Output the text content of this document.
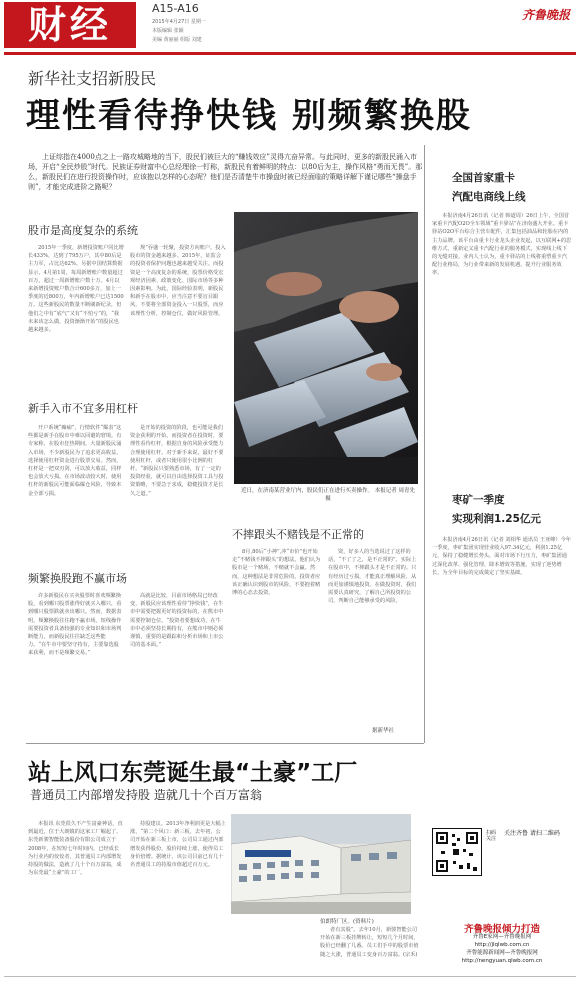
财经	A15-A16
2015年4月27日 星期一
本版编辑 张颖
美编 黄丽丽 组版 刘建
齐鲁晚报
新华社支招新股民
理性看待挣快钱 别频繁换股

上证综指在4000点之上一路攻城略地的当下，股民们被巨大的“赚钱效应”灵得亢奋异常。与此同时，更多的新股民涌入市场，开启“全民炒股”时代。民族证券财富中心总经理徐一钉称，新股民有着鲜明的特点：以80后为主，操作风格“勇而无畏”。那么，新股民们在进行投资操作时，应该抱以怎样的心态呢？他们是否清楚牛市操盘时被已经面临的策略详解下谨记哪些“操盘手则”，才能完成进阶之路呢？

股市是高度复杂的系统

2015年一季度，新增投资账户同比增长433%，达到了795万户，其中80后是主力军，占比达62%。另据中国结算数据显示，4月第1周，每周新增账户数量超过百万，超过一周新增账户数十万。4月以来新增投资账户数合计600多万，加上一季度的近800万，年内新增账户已达1500万。这些新股民的数量不断刷新纪录，但他们之中有“底气”又有“不怕亏”的，“我未来该怎么做，投资渐渐开始”的股民也越来越多。

规”吞盛一轮聚，投资方向账户。投入股市的资金越来越多。2015年，证监会的投资者保护问题也越来越受关注。而投资是一个高度复杂的系统，股票价格受宏观经济因素、政策变化、国际市场等多种因素影响。为此，国际经验表明，新股民和新手在股市中，应当注意不要盲目跟风，不要将全部资金投入一只股票，而应该理性分析，控制仓位，做好风险管理。

新手入市不宜多用杠杆

开户系统“癫痫”，行情软件“爆表”这些都是新手在股市中难以回避的窘境。有专家称，在股市狂热期间，大量新股民涌入市场，不少新股民为了追求更高收益，选择使用杠杆资金进行股票交易。然而，杠杆是一把双刃剑，可以放大收益，同样也会放大亏损。在市场波动较大时，使用杠杆的新股民可能面临爆仓风险，导致本金全部亏损。

是开始的投资的阶段，也可能是我们资金获利的开始。而投资者在投资时，要理性看待杠杆，根据自身的风险承受能力合理使用杠杆。对于新手来说，最好不要使用杠杆，或者只使用很小比例的杠杆。“新股民只要熟悉市场，有了一定的投资经验，就可以自由选择投资工具与投资策略，不要急于求成，稳健投资才是长久之道。”

频繁换股跑不赢市场

许多新股民在买卖股票时喜欢频繁换股，看到哪只股票涨得好就买入哪只，看到哪只股票跌就卖出哪只。然而，数据表明，频繁换股往往跑不赢市场。短线操作需要投资者具备较强的专业知识和市场判断能力，而新股民往往缺乏这些能力。“在牛市中要坚守持有，主要靠选股来获利，而不是频繁交易。”

高就是比较，目前市场格局已经改变，新股民应该理性看待“挣快钱”，在牛市中需要把握更好的投资标的，在熊市中需要控制仓位。“投资者要想成功，在牛市中必须坚持长期持有，在熊市中则必须谨慎，重要的是跟踪和分析市场和上市公司的基本面。”

近日，在济南某营业厅内，股民们正在进行买卖操作。 本报记者 周青先 摄
不摔跟头不赌钱是不正常的

8月,80后“小神”,冲“市价”也开始走“不赌钱不摔跟头”的想法。他们认为股市是一个赌场，不赌就不会赢。然而，这种想法是非常危险的。投资者应该正确认识到股市的风险，不要抱着赌博的心态去投资。

资，好多人的当选说过了这样的话，“不了了之，是不正常的”。实际上在股市中，不摔跟头才是不正常的。只有经历过亏损，才能真正理解风险，从而更加谨慎地投资。在做投资时，我们需要认真研究，了解自己所投资的公司，判断自己能够承受的风险。

据新华社
全国首家重卡
汽配电商线上线

本报济南4月26日讯（记者 韩道周）26日上午，全国首家重卡汽配O2O全车领域“重卡驿站”在济南盛大开业。重卡驿站O2O平台综合主营车配件，汇集包括油品和轮胎在内的主力品牌。该平台由重卡行业龙头企业发起，以互联网+的思维方式，重新定义重卡汽配行业的服务模式，实现线上线下的无缝对接。业内人士认为，重卡驿站的上线将重塑重卡汽配行业格局，为行业带来新的发展机遇，提升行业服务效率。

枣矿一季度
实现利润1.25亿元

本报济南4月26日讯（记者 刘相华 通讯员 王亚峰）今年一季度，枣矿集团实现营业收入97.34亿元，利润1.25亿元，保持了稳健增长势头。面对市场下行压力，枣矿集团通过深化改革、强化管理、降本增效等措施，实现了逆势增长，为全年目标的完成奠定了坚实基础。

扫码关注
关注齐鲁 请扫二维码
齐鲁晚报倾力打造
齐鲁E家网—齐鲁晚报网
http://jlqlwb.com.cn
齐鲁能源新闻网—齐鲁晚报网
http://nengyuan.qlwb.com.cn
站上风口东莞诞生最“土豪”工厂
普通员工内部增发持股 造就几十个百万富翁

本报讯 东莞很久不产生富豪神话，直到最近，位于大朗镇的这家工厂崛起了。东莞新骏智能装备股份有限公司成立于2008年，在短短七年时间内，已经成长为行业内的佼佼者，其普通员工内部增发持股的做法，造就了几十个百万富翁，成为东莞最“土豪”的工厂。

持股建议。2013年净利润更是大幅上涨，“第二个风口：新三板，去年初，公司开始在新三板上市，公司员工通过内部增发获得股份，股价持续上涨，使得员工身价倍增。据统计，该公司目前已有几十名普通员工的持股市值超过百万元。

伯朗特厂区。(资料片)

者有其股”。去年10月，新骏智能公司开始在新三板挂牌转让，短短几个月时间，股价已经翻了几番。员工们手中的股票市值随之大涨，普通员工变身百万富翁。(宗禾)
